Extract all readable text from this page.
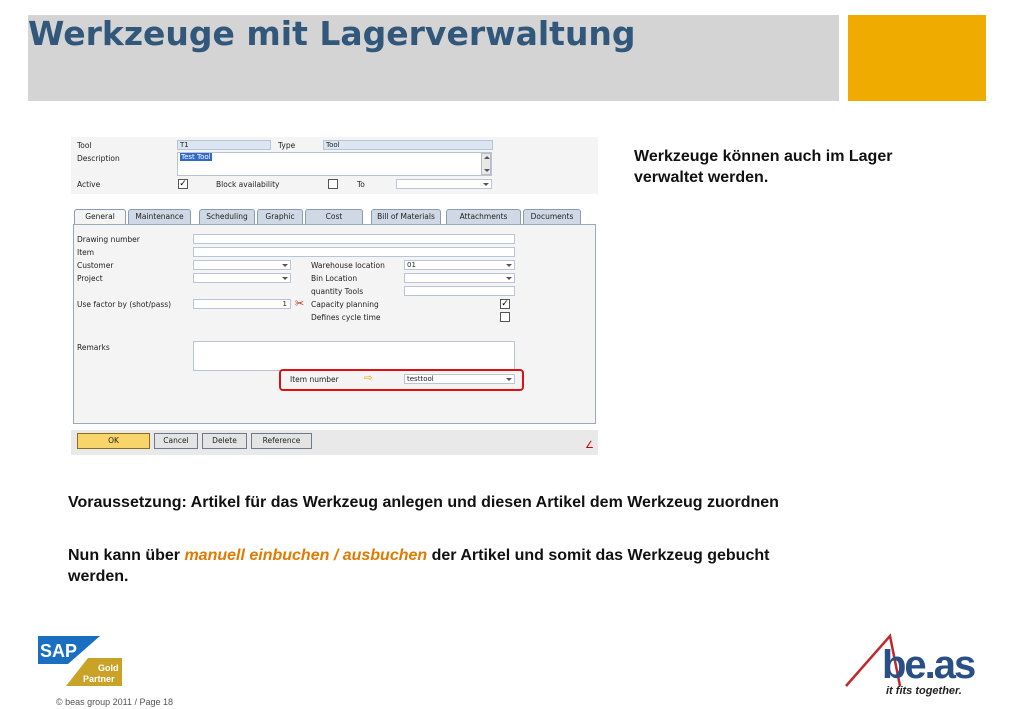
Werkzeuge mit Lagerverwaltung
Tool	T1	Type	Tool
Description	Test Tool
Active	✓	Block availability	To
General	Maintenance	Scheduling	Graphic	Cost	Bill of Materials	Attachments	Documents
Drawing number
Item
Customer
Project
Use factor by (shot/pass)	1 ✂
Warehouse location	01
Bin Location
quantity Tools
Capacity planning	✓
Defines cycle time
Remarks
Item number	⇨	testtool
OK	Cancel	Delete	Reference	∠
Werkzeuge können auch im Lager verwaltet werden.
Voraussetzung: Artikel für das Werkzeug anlegen und diesen Artikel dem Werkzeug zuordnen
Nun kann über manuell einbuchen / ausbuchen der Artikel und somit das Werkzeug gebucht werden.
SAP
Gold
Partner
© beas group 2011 / Page 18
be.as
it fits together.
